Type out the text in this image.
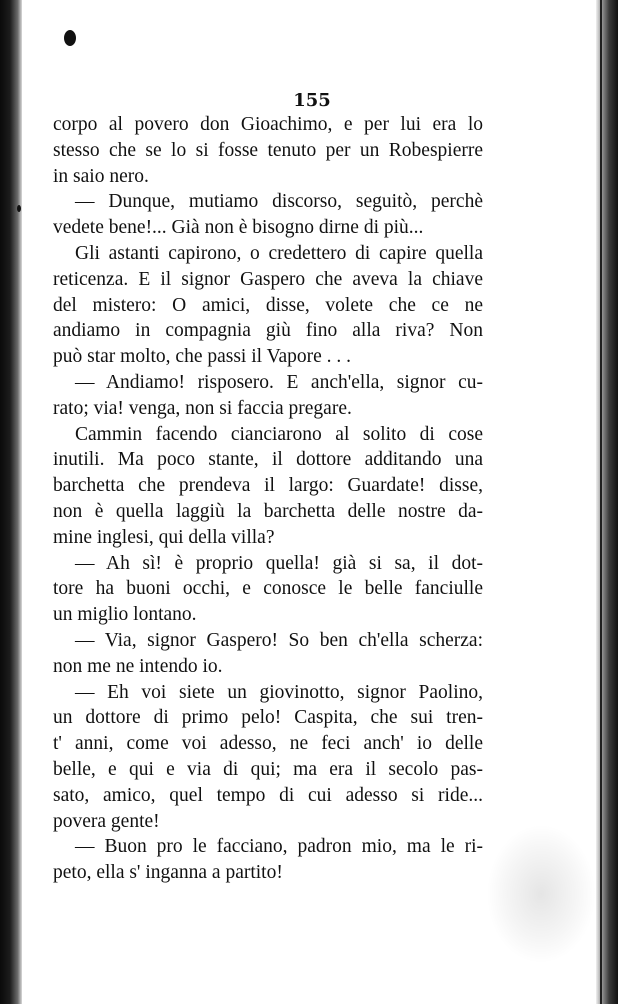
155
corpo al povero don Gioachimo, e per lui era lo
stesso che se lo si fosse tenuto per un Robespierre
in saio nero.
— Dunque, mutiamo discorso, seguitò, perchè
vedete bene!... Già non è bisogno dirne di più...
Gli astanti capirono, o credettero di capire quella
reticenza. E il signor Gaspero che aveva la chiave
del mistero: O amici, disse, volete che ce ne
andiamo in compagnia giù fino alla riva? Non
può star molto, che passi il Vapore . . .
— Andiamo! risposero. E anch'ella, signor cu-
rato; via! venga, non si faccia pregare.
Cammin facendo cianciarono al solito di cose
inutili. Ma poco stante, il dottore additando una
barchetta che prendeva il largo: Guardate! disse,
non è quella laggiù la barchetta delle nostre da-
mine inglesi, qui della villa?
— Ah sì! è proprio quella! già si sa, il dot-
tore ha buoni occhi, e conosce le belle fanciulle
un miglio lontano.
— Via, signor Gaspero! So ben ch'ella scherza:
non me ne intendo io.
— Eh voi siete un giovinotto, signor Paolino,
un dottore di primo pelo! Caspita, che sui tren-
t' anni, come voi adesso, ne feci anch' io delle
belle, e qui e via di qui; ma era il secolo pas-
sato, amico, quel tempo di cui adesso si ride...
povera gente!
— Buon pro le facciano, padron mio, ma le ri-
peto, ella s' inganna a partito!
